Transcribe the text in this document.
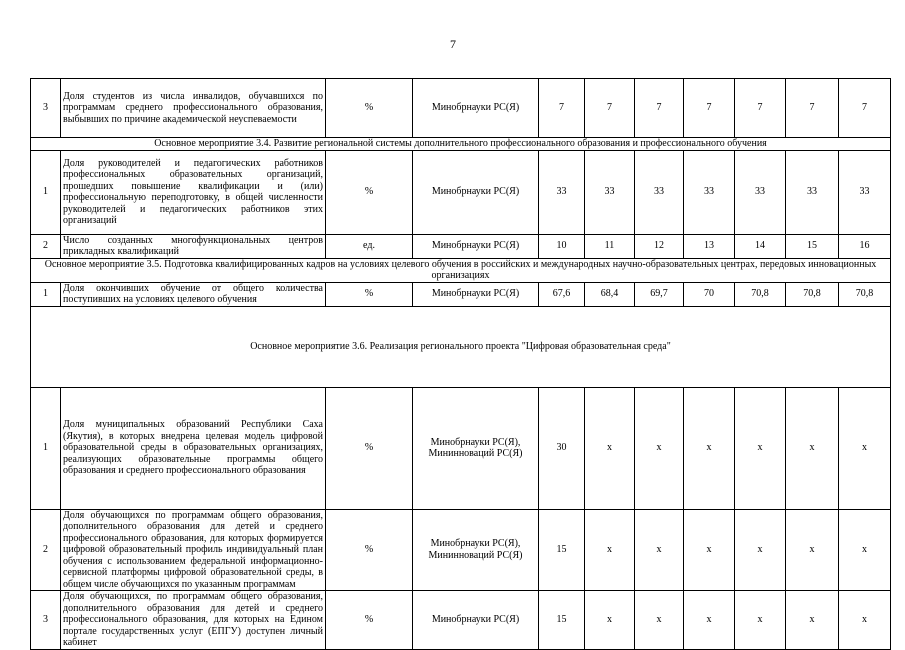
7
3	Доля студентов из числа инвалидов, обучавшихся по программам среднего профессионального образования, выбывших по причине академической неуспеваемости	%	Минобрнауки РС(Я)	7	7	7	7	7	7	7
Основное мероприятие 3.4. Развитие региональной системы дополнительного профессионального образования и профессионального обучения										
1	Доля руководителей и педагогических работников профессиональных образовательных организаций, прошедших повышение квалификации и (или) профессиональную переподготовку, в общей численности руководителей и педагогических работников этих организаций	%	Минобрнауки РС(Я)	33	33	33	33	33	33	33
2	Число созданных многофункциональных центров прикладных квалификаций	ед.	Минобрнауки РС(Я)	10	11	12	13	14	15	16
Основное мероприятие 3.5. Подготовка квалифицированных кадров на условиях целевого обучения в российских и международных научно-образовательных центрах, передовых инновационных организациях										
1	Доля окончивших обучение от общего количества поступивших на условиях целевого обучения	%	Минобрнауки РС(Я)	67,6	68,4	69,7	70	70,8	70,8	70,8
Основное мероприятие 3.6. Реализация регионального проекта "Цифровая образовательная среда"										
1	Доля муниципальных образований Республики Саха (Якутия), в которых внедрена целевая модель цифровой образовательной среды в образовательных организациях, реализующих образовательные программы общего образования и среднего профессионального образования	%	Минобрнауки РС(Я), Мининноваций РС(Я)	30	х	х	х	х	х	х
2	Доля обучающихся по программам общего образования, дополнительного образования для детей и среднего профессионального образования, для которых формируется цифровой образовательный профиль индивидуальный план обучения с использованием федеральной информационно-сервисной платформы цифровой образовательной среды, в общем числе обучающихся по указанным программам	%	Минобрнауки РС(Я), Мининноваций РС(Я)	15	х	х	х	х	х	х
3	Доля обучающихся, по программам общего образования, дополнительного образования для детей и среднего профессионального образования, для которых на Едином портале государственных услуг (ЕПГУ) доступен личный кабинет	%	Минобрнауки РС(Я)	15	х	х	х	х	х	х
